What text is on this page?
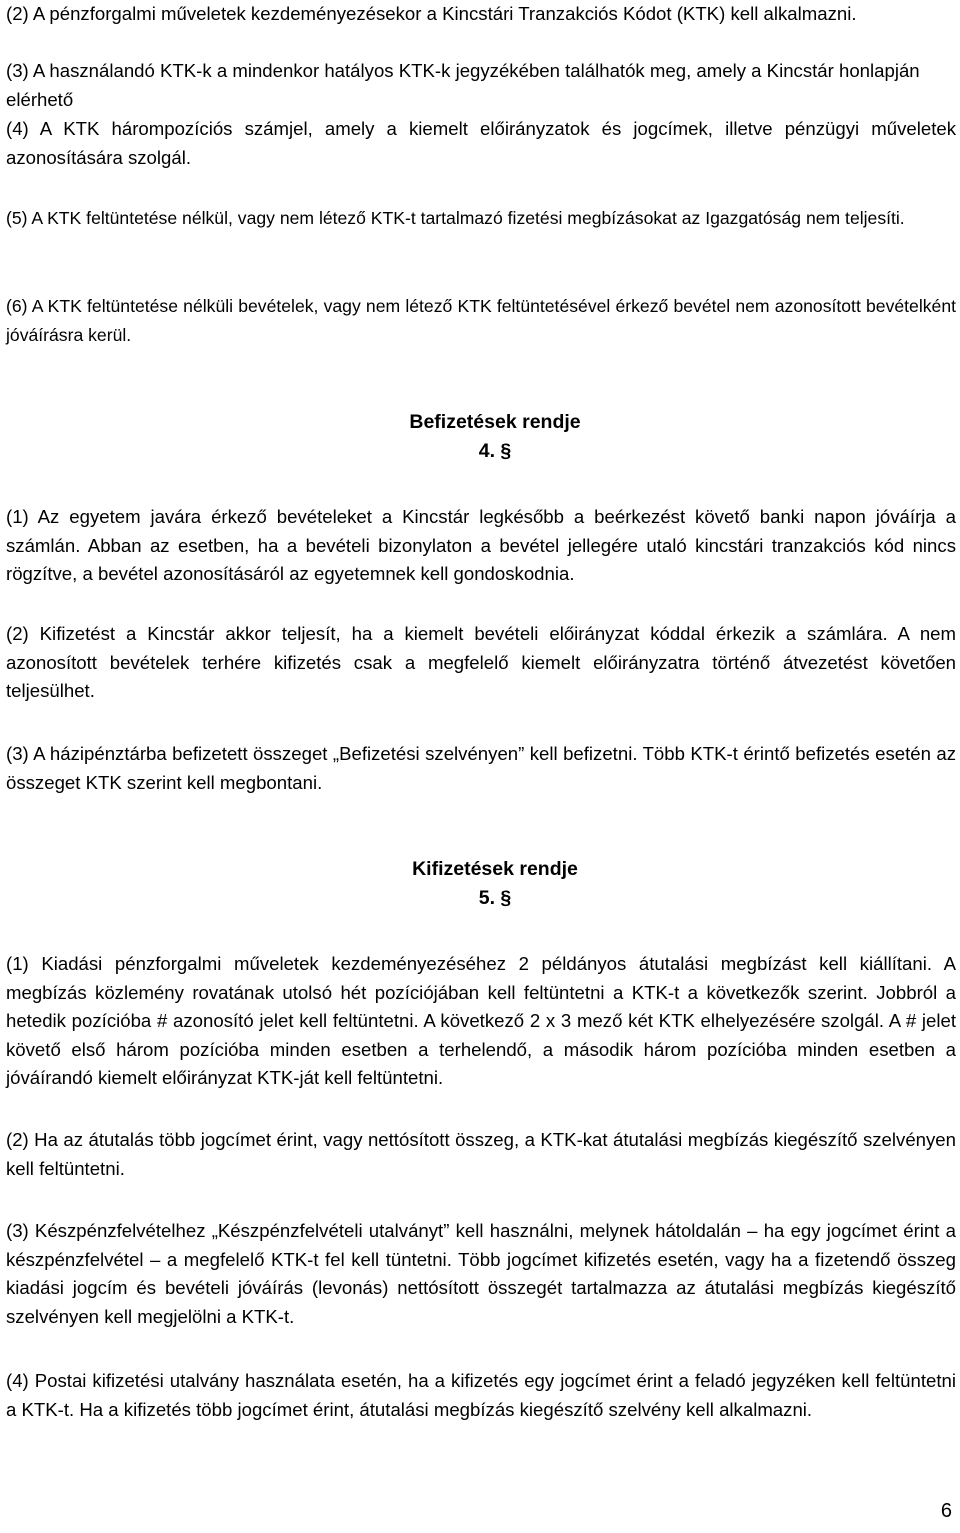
(2) A pénzforgalmi műveletek kezdeményezésekor a Kincstári Tranzakciós Kódot (KTK) kell alkalmazni.

(3) A használandó KTK-k a mindenkor hatályos KTK-k jegyzékében találhatók meg, amely a Kincstár honlapján elérhető

(4) A KTK hárompozíciós számjel, amely a kiemelt előirányzatok és jogcímek, illetve pénzügyi műveletek azonosítására szolgál.

(5) A KTK feltüntetése nélkül, vagy nem létező KTK-t tartalmazó fizetési megbízásokat az Igazgatóság nem teljesíti.

(6) A KTK feltüntetése nélküli bevételek, vagy nem létező KTK feltüntetésével érkező bevétel nem azonosított bevételként jóváírásra kerül.

Befizetések rendje
4. §

(1) Az egyetem javára érkező bevételeket a Kincstár legkésőbb a beérkezést követő banki napon jóváírja a számlán. Abban az esetben, ha a bevételi bizonylaton a bevétel jellegére utaló kincstári tranzakciós kód nincs rögzítve, a bevétel azonosításáról az egyetemnek kell gondoskodnia.

(2) Kifizetést a Kincstár akkor teljesít, ha a kiemelt bevételi előirányzat kóddal érkezik a számlára. A nem azonosított bevételek terhére kifizetés csak a megfelelő kiemelt előirányzatra történő átvezetést követően teljesülhet.

(3) A házipénztárba befizetett összeget „Befizetési szelvényen” kell befizetni. Több KTK-t érintő befizetés esetén az összeget KTK szerint kell megbontani.

Kifizetések rendje
5. §

(1) Kiadási pénzforgalmi műveletek kezdeményezéséhez 2 példányos átutalási megbízást kell kiállítani. A megbízás közlemény rovatának utolsó hét pozíciójában kell feltüntetni a KTK-t a következők szerint. Jobbról a hetedik pozícióba # azonosító jelet kell feltüntetni. A következő 2 x 3 mező két KTK elhelyezésére szolgál. A # jelet követő első három pozícióba minden esetben a terhelendő, a második három pozícióba minden esetben a jóváírandó kiemelt előirányzat KTK-ját kell feltüntetni.

(2) Ha az átutalás több jogcímet érint, vagy nettósított összeg, a KTK-kat átutalási megbízás kiegészítő szelvényen kell feltüntetni.

(3) Készpénzfelvételhez „Készpénzfelvételi utalványt” kell használni, melynek hátoldalán – ha egy jogcímet érint a készpénzfelvétel – a megfelelő KTK-t fel kell tüntetni. Több jogcímet kifizetés esetén, vagy ha a fizetendő összeg kiadási jogcím és bevételi jóváírás (levonás) nettósított összegét tartalmazza az átutalási megbízás kiegészítő szelvényen kell megjelölni a KTK-t.

(4) Postai kifizetési utalvány használata esetén, ha a kifizetés egy jogcímet érint a feladó jegyzéken kell feltüntetni a KTK-t. Ha a kifizetés több jogcímet érint, átutalási megbízás kiegészítő szelvény kell alkalmazni.

6
